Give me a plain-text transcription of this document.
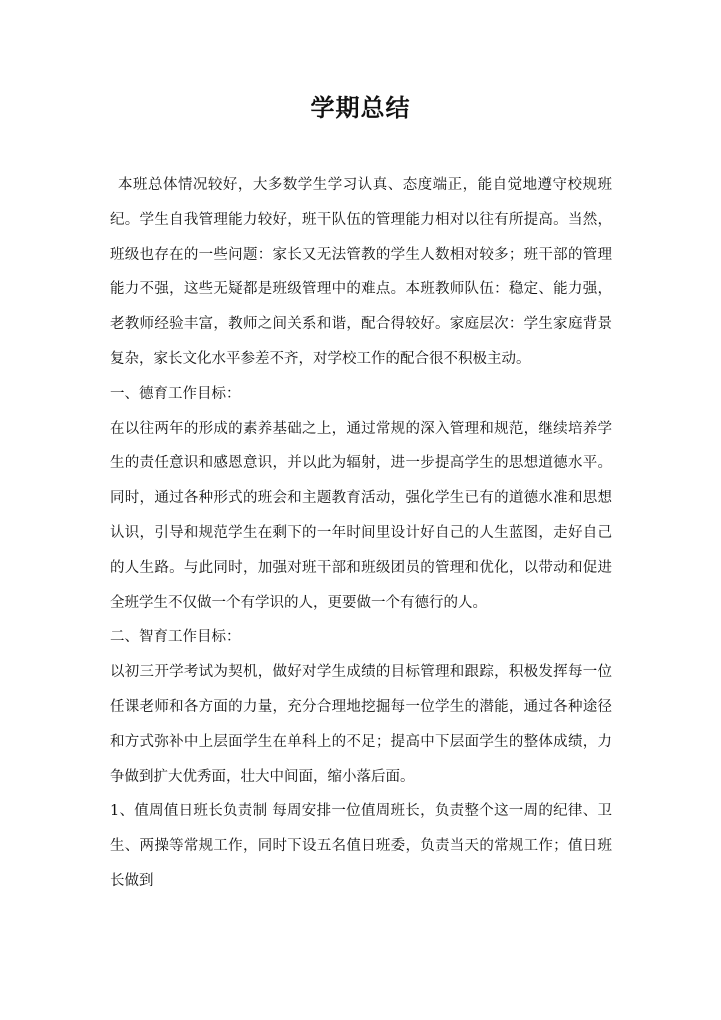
学期总结

本班总体情况较好，大多数学生学习认真、态度端正，能自觉地遵守校规班纪。学生自我管理能力较好，班干队伍的管理能力相对以往有所提高。当然，班级也存在的一些问题：家长又无法管教的学生人数相对较多；班干部的管理能力不强，这些无疑都是班级管理中的难点。本班教师队伍：稳定、能力强，老教师经验丰富，教师之间关系和谐，配合得较好。家庭层次：学生家庭背景复杂，家长文化水平参差不齐，对学校工作的配合很不积极主动。

一、德育工作目标：

在以往两年的形成的素养基础之上，通过常规的深入管理和规范，继续培养学生的责任意识和感恩意识，并以此为辐射，进一步提高学生的思想道德水平。同时，通过各种形式的班会和主题教育活动，强化学生已有的道德水准和思想认识，引导和规范学生在剩下的一年时间里设计好自己的人生蓝图，走好自己的人生路。与此同时，加强对班干部和班级团员的管理和优化，以带动和促进全班学生不仅做一个有学识的人，更要做一个有德行的人。

二、智育工作目标：

以初三开学考试为契机，做好对学生成绩的目标管理和跟踪，积极发挥每一位任课老师和各方面的力量，充分合理地挖掘每一位学生的潜能，通过各种途径和方式弥补中上层面学生在单科上的不足；提高中下层面学生的整体成绩，力争做到扩大优秀面，壮大中间面，缩小落后面。

1、值周值日班长负责制 每周安排一位值周班长，负责整个这一周的纪律、卫生、两操等常规工作，同时下设五名值日班委，负责当天的常规工作；值日班长做到
